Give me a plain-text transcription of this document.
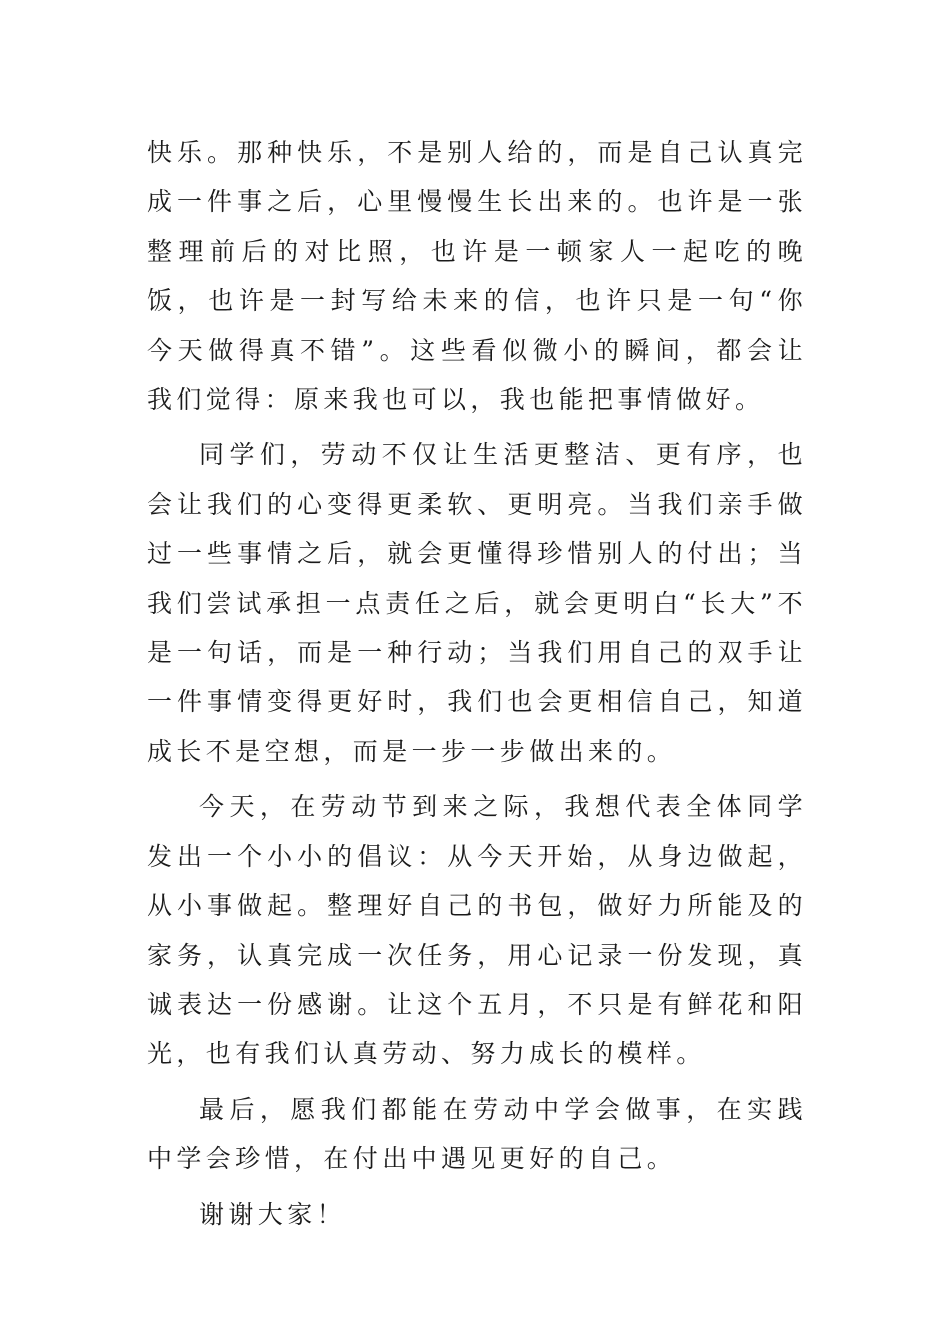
快乐。那种快乐，不是别人给的，而是自己认真完成一件事之后，心里慢慢生长出来的。也许是一张整理前后的对比照，也许是一顿家人一起吃的晚饭，也许是一封写给未来的信，也许只是一句“你今天做得真不错”。这些看似微小的瞬间，都会让我们觉得：原来我也可以，我也能把事情做好。

同学们，劳动不仅让生活更整洁、更有序，也会让我们的心变得更柔软、更明亮。当我们亲手做过一些事情之后，就会更懂得珍惜别人的付出；当我们尝试承担一点责任之后，就会更明白“长大”不是一句话，而是一种行动；当我们用自己的双手让一件事情变得更好时，我们也会更相信自己，知道成长不是空想，而是一步一步做出来的。

今天，在劳动节到来之际，我想代表全体同学发出一个小小的倡议：从今天开始，从身边做起，从小事做起。整理好自己的书包，做好力所能及的家务，认真完成一次任务，用心记录一份发现，真诚表达一份感谢。让这个五月，不只是有鲜花和阳光，也有我们认真劳动、努力成长的模样。

最后，愿我们都能在劳动中学会做事，在实践中学会珍惜，在付出中遇见更好的自己。

谢谢大家！
